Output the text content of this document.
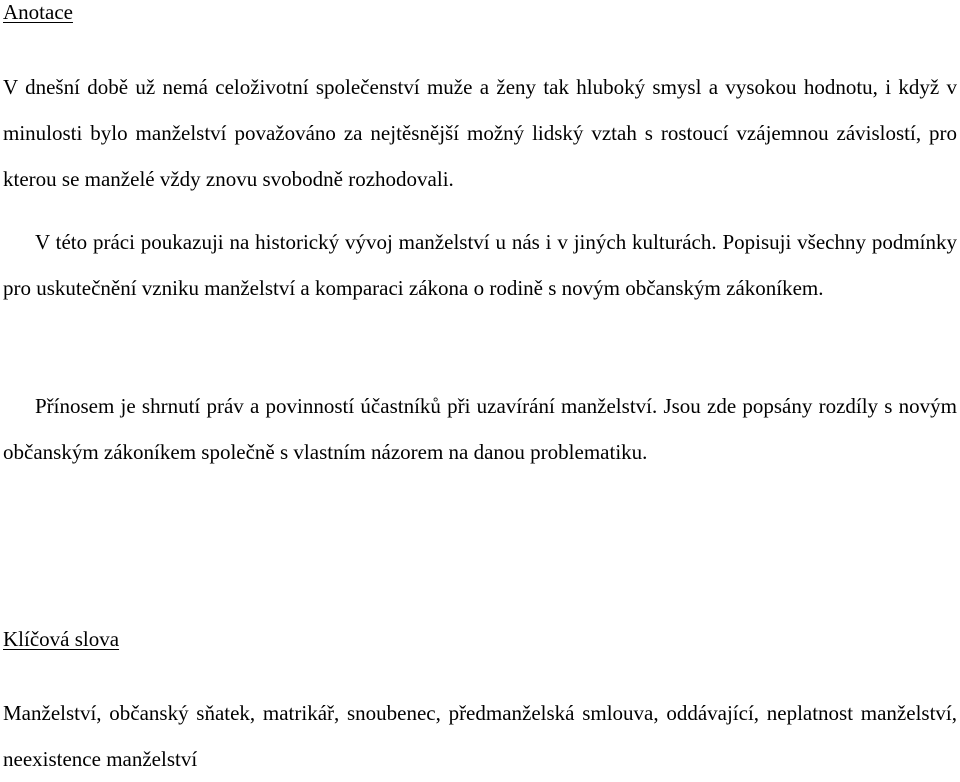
Anotace

V dnešní době už nemá celoživotní společenství muže a ženy tak hluboký smysl a vysokou hodnotu, i když v minulosti bylo manželství považováno za nejtěsnější možný lidský vztah s rostoucí vzájemnou závislostí, pro kterou se manželé vždy znovu svobodně rozhodovali.

V této práci poukazuji na historický vývoj manželství u nás i v jiných kulturách. Popisuji všechny podmínky pro uskutečnění vzniku manželství a komparaci zákona o rodině s novým občanským zákoníkem.

Přínosem je shrnutí práv a povinností účastníků při uzavírání manželství. Jsou zde popsány rozdíly s novým občanským zákoníkem společně s vlastním názorem na danou problematiku.

Klíčová slova

Manželství, občanský sňatek, matrikář, snoubenec, předmanželská smlouva, oddávající, neplatnost manželství, neexistence manželství
